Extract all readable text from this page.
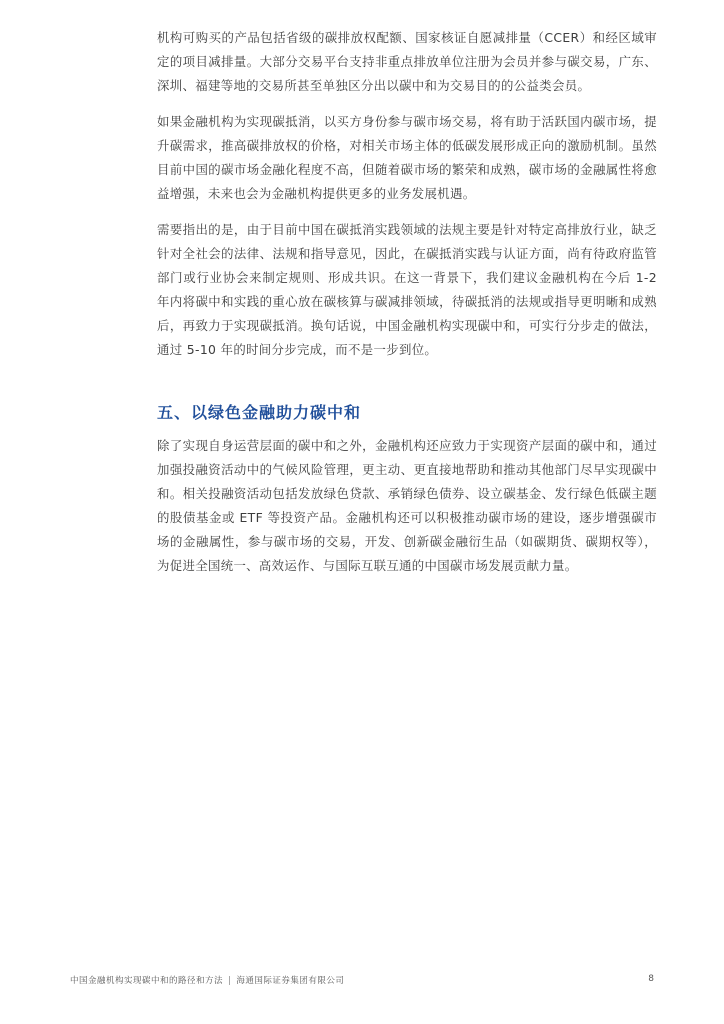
机构可购买的产品包括省级的碳排放权配额、国家核证自愿减排量（CCER）和经区域审定的项目减排量。大部分交易平台支持非重点排放单位注册为会员并参与碳交易，广东、深圳、福建等地的交易所甚至单独区分出以碳中和为交易目的的公益类会员。

如果金融机构为实现碳抵消，以买方身份参与碳市场交易，将有助于活跃国内碳市场，提升碳需求，推高碳排放权的价格，对相关市场主体的低碳发展形成正向的激励机制。虽然目前中国的碳市场金融化程度不高，但随着碳市场的繁荣和成熟，碳市场的金融属性将愈益增强，未来也会为金融机构提供更多的业务发展机遇。

需要指出的是，由于目前中国在碳抵消实践领域的法规主要是针对特定高排放行业，缺乏针对全社会的法律、法规和指导意见，因此，在碳抵消实践与认证方面，尚有待政府监管部门或行业协会来制定规则、形成共识。在这一背景下，我们建议金融机构在今后 1-2 年内将碳中和实践的重心放在碳核算与碳减排领域，待碳抵消的法规或指导更明晰和成熟后，再致力于实现碳抵消。换句话说，中国金融机构实现碳中和，可实行分步走的做法，通过 5-10 年的时间分步完成，而不是一步到位。

五、以绿色金融助力碳中和

除了实现自身运营层面的碳中和之外，金融机构还应致力于实现资产层面的碳中和，通过加强投融资活动中的气候风险管理，更主动、更直接地帮助和推动其他部门尽早实现碳中和。相关投融资活动包括发放绿色贷款、承销绿色债券、设立碳基金、发行绿色低碳主题的股债基金或 ETF 等投资产品。金融机构还可以积极推动碳市场的建设，逐步增强碳市场的金融属性，参与碳市场的交易，开发、创新碳金融衍生品（如碳期货、碳期权等），为促进全国统一、高效运作、与国际互联互通的中国碳市场发展贡献力量。

中国金融机构实现碳中和的路径和方法 | 海通国际证券集团有限公司	8
